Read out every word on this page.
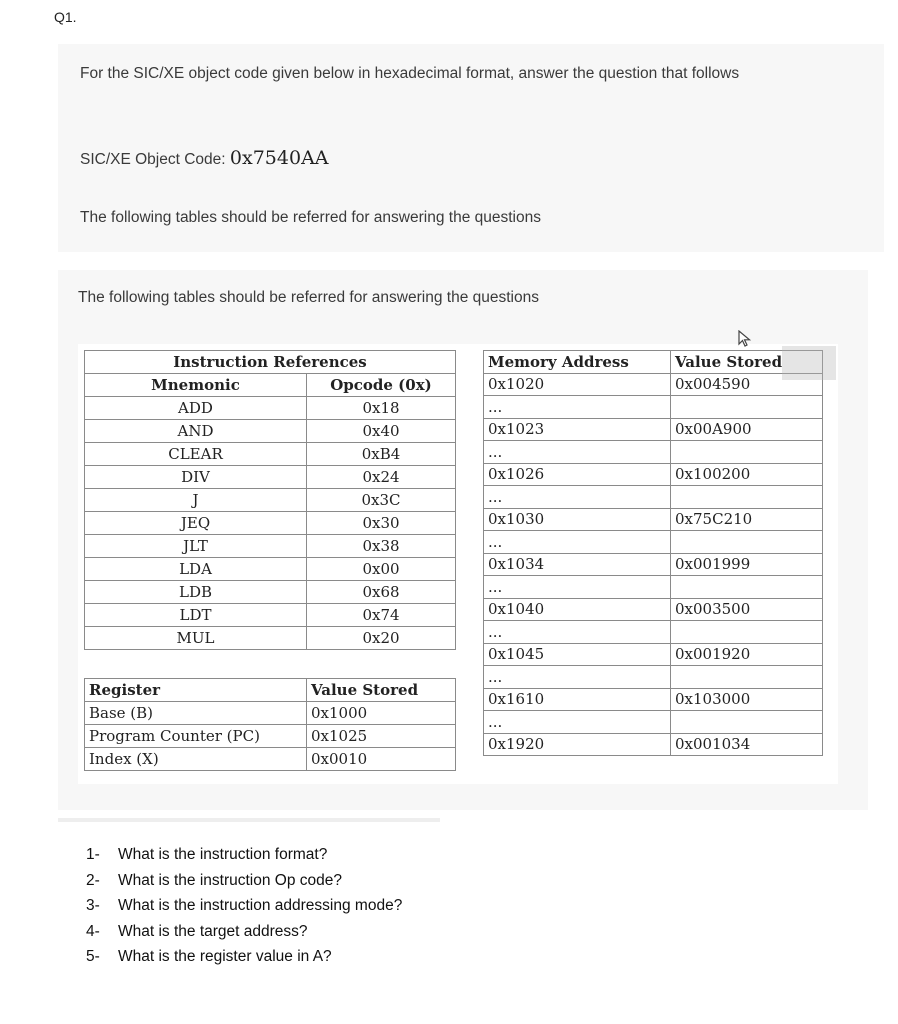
Q1.
For the SIC/XE object code given below in hexadecimal format, answer the question that follows
SIC/XE Object Code: 0x7540AA
The following tables should be referred for answering the questions
The following tables should be referred for answering the questions
Instruction References	
Mnemonic	Opcode (0x)
ADD	0x18
AND	0x40
CLEAR	0xB4
DIV	0x24
J	0x3C
JEQ	0x30
JLT	0x38
LDA	0x00
LDB	0x68
LDT	0x74
MUL	0x20
Register	Value Stored
Base (B)	0x1000
Program Counter (PC)	0x1025
Index (X)	0x0010
Memory Address	Value Stored
0x1020	0x004590
...	
0x1023	0x00A900
...	
0x1026	0x100200
...	
0x1030	0x75C210
...	
0x1034	0x001999
...	
0x1040	0x003500
...	
0x1045	0x001920
...	
0x1610	0x103000
...	
0x1920	0x001034
1- What is the instruction format?
2- What is the instruction Op code?
3- What is the instruction addressing mode?
4- What is the target address?
5- What is the register value in A?
